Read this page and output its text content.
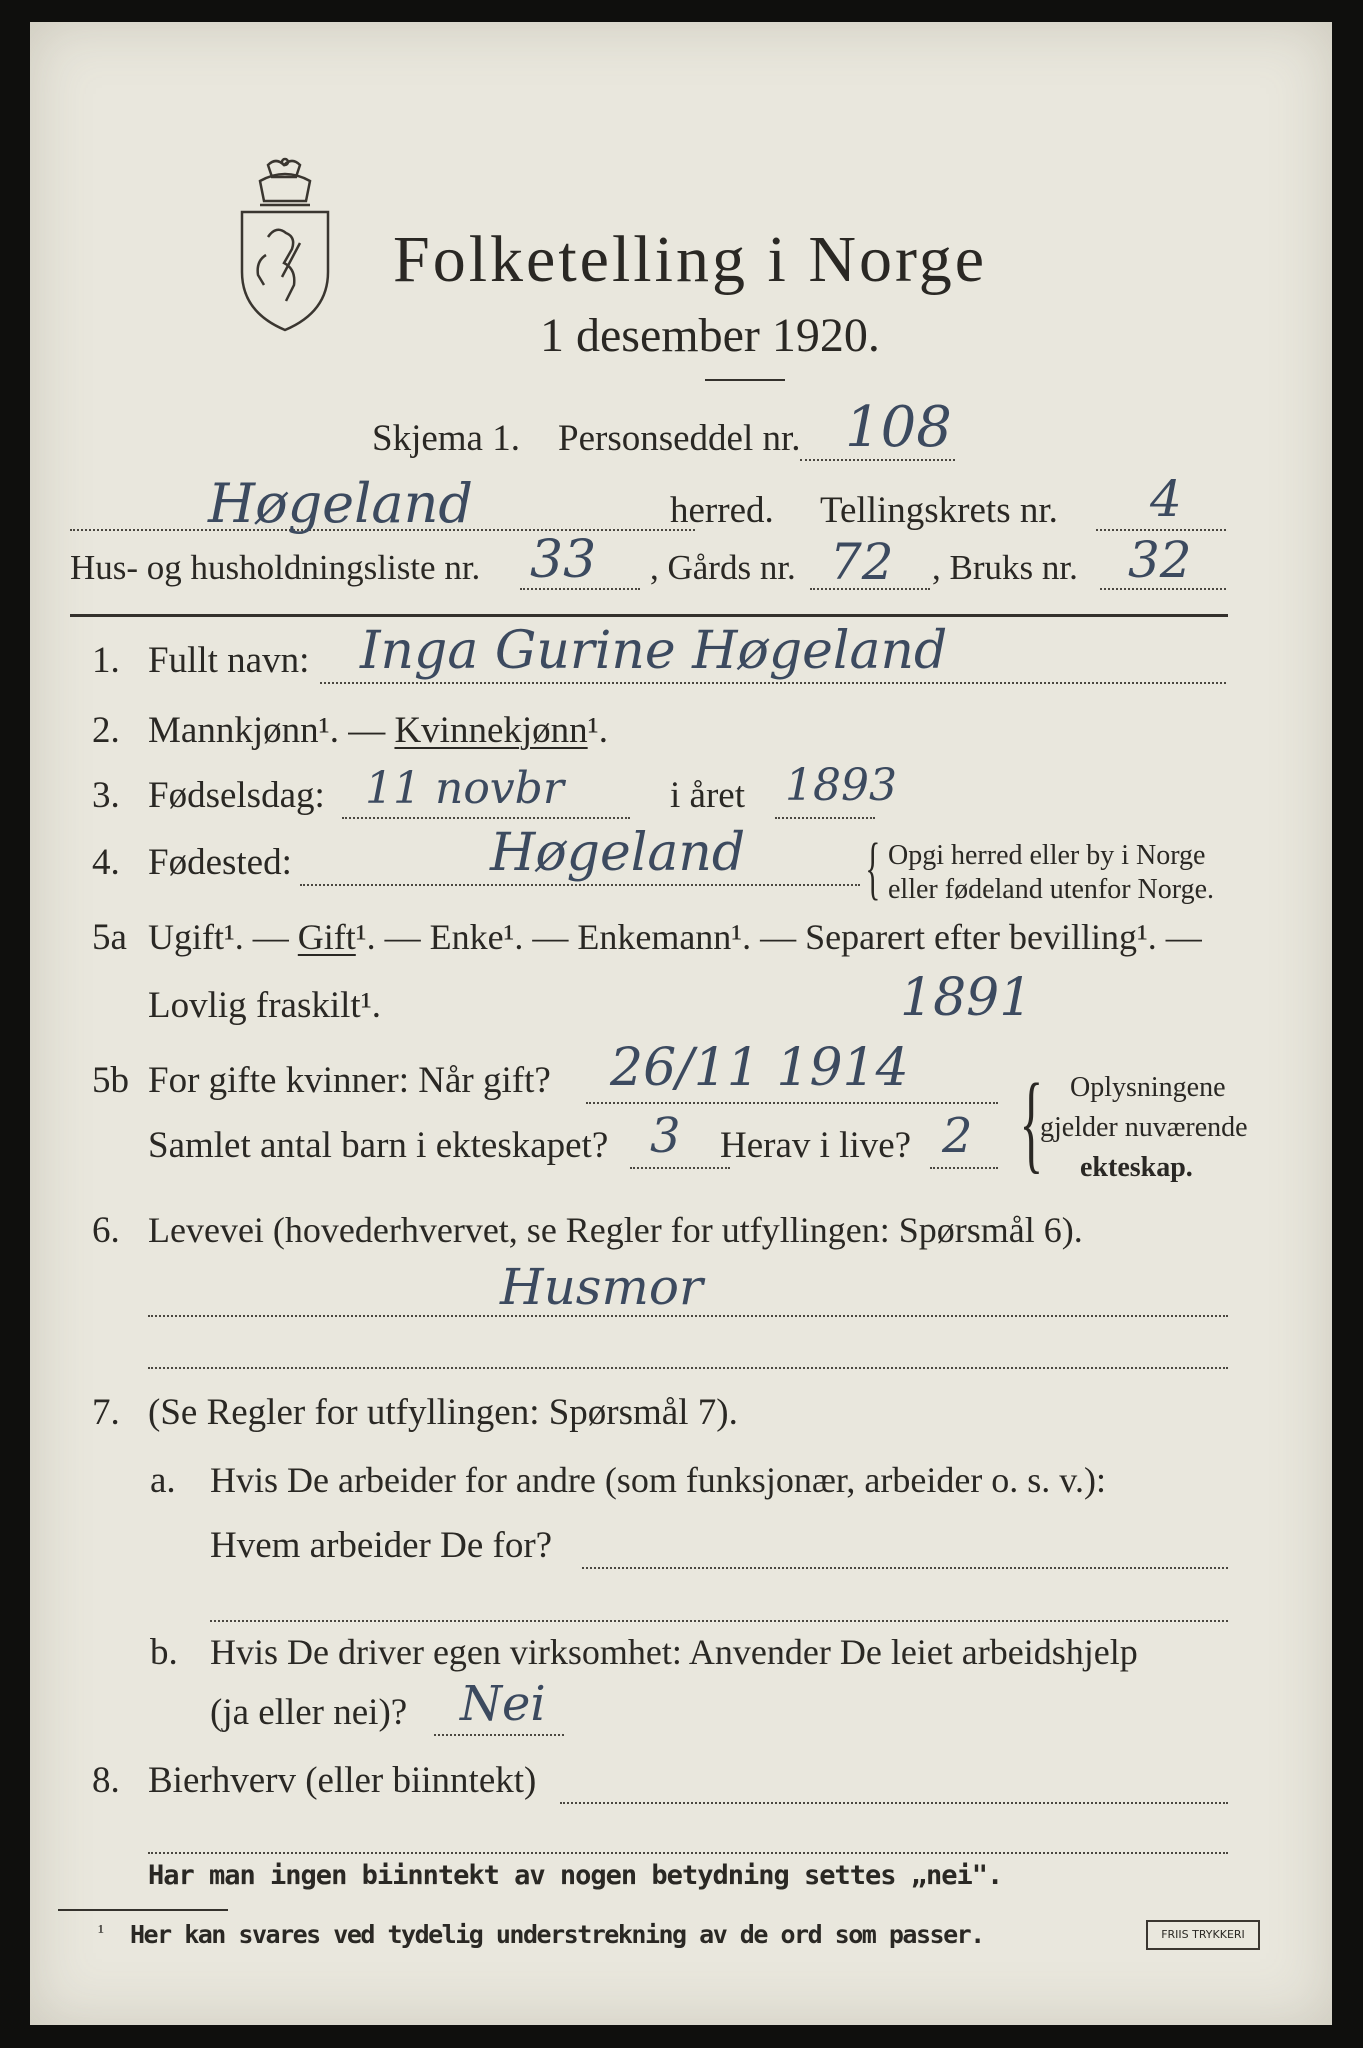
Folketelling i Norge
1 desember 1920.
Skjema 1. Personseddel nr. 108
Høgeland	herred. Tellingskrets nr. 4
Hus- og husholdningsliste nr. 33 , Gårds nr. 72 , Bruks nr. 32
1. Fullt navn: Inga Gurine Høgeland
2. Mannkjønn¹. — Kvinnekjønn¹.
3. Fødselsdag: 11 novbr	i året 1893
4. Fødested:	Høgeland { Opgi herred eller by i Norge
eller fødeland utenfor Norge.
5a Ugift¹. — Gift¹. — Enke¹. — Enkemann¹. — Separert efter bevilling¹. —
Lovlig fraskilt¹.	1891
5b For gifte kvinner: Når gift? 26/11 1914
Samlet antal barn i ekteskapet? 3 Herav i live? 2 { Oplysningene
gjelder nuværende
ekteskap.
6. Levevei (hovederhvervet, se Regler for utfyllingen: Spørsmål 6).
Husmor
7. (Se Regler for utfyllingen: Spørsmål 7).
a. Hvis De arbeider for andre (som funksjonær, arbeider o. s. v.):
Hvem arbeider De for?
b. Hvis De driver egen virksomhet: Anvender De leiet arbeidshjelp
(ja eller nei)? Nei
8. Bierhverv (eller biinntekt)
Har man ingen biinntekt av nogen betydning settes „nei".
¹ Her kan svares ved tydelig understrekning av de ord som passer.	FRIIS TRYKKERI
